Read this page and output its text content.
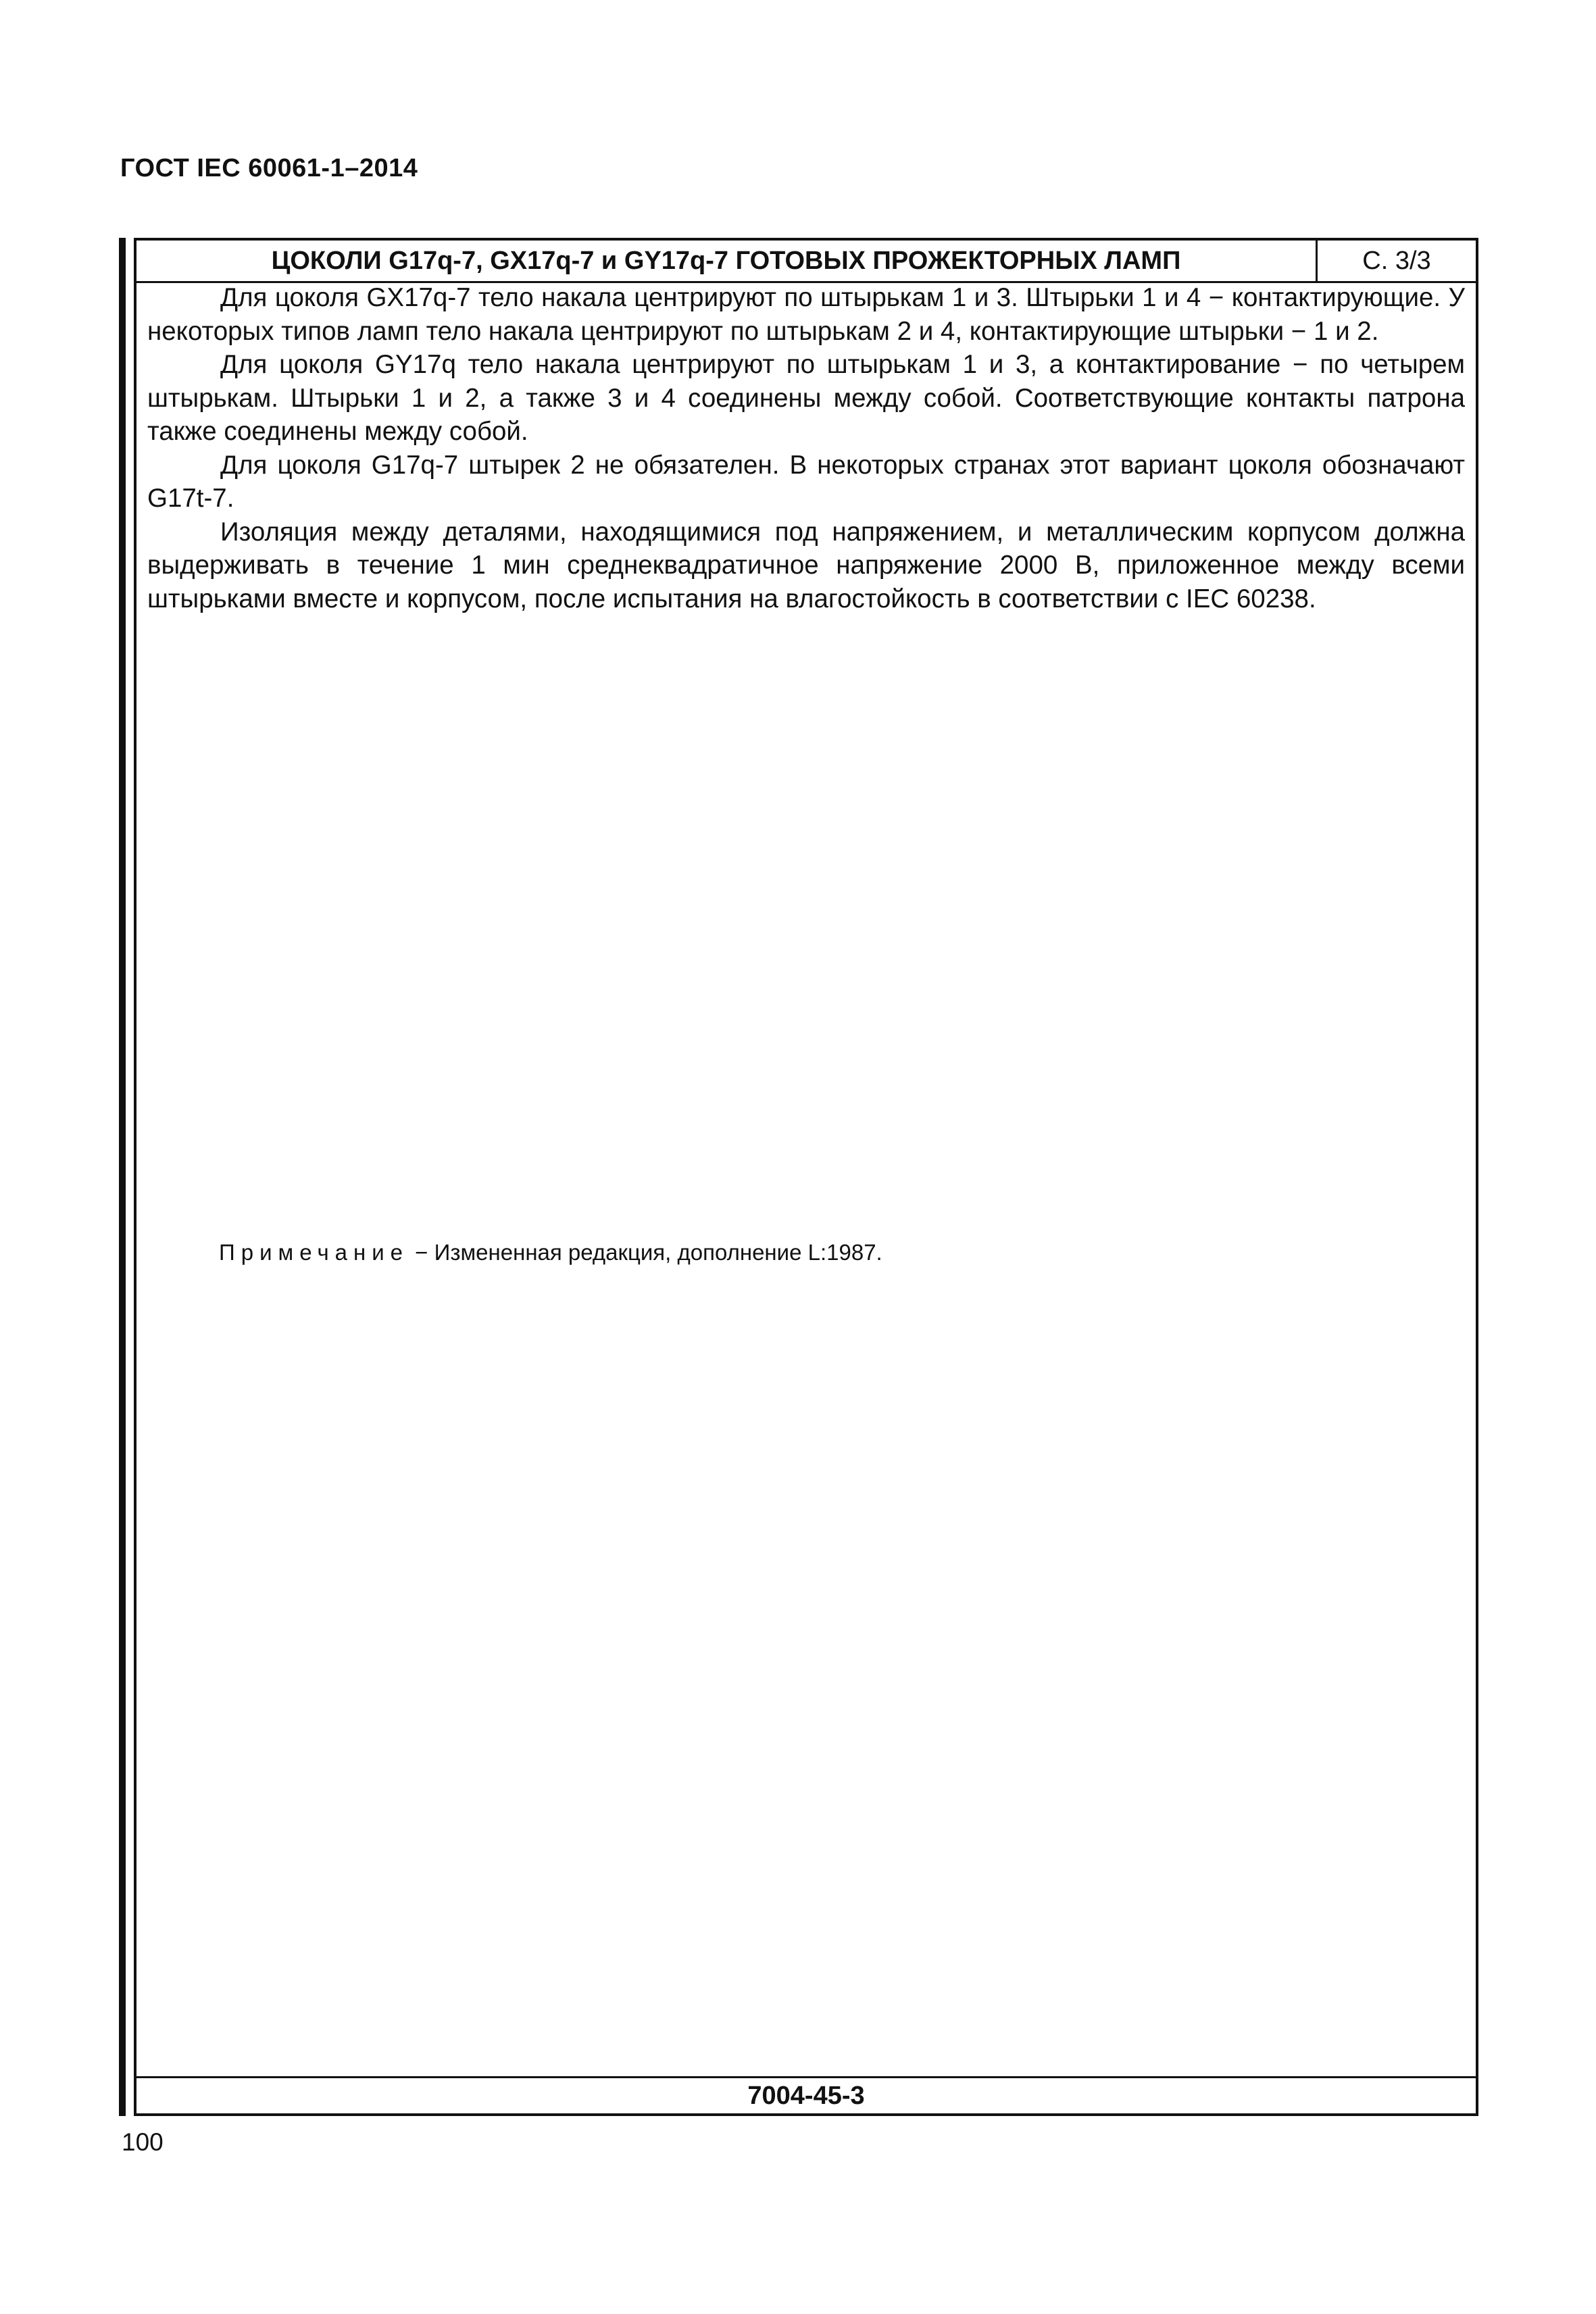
ГОСТ IEC 60061-1–2014
ЦОКОЛИ G17q-7, GX17q-7 и GY17q-7 ГОТОВЫХ ПРОЖЕКТОРНЫХ ЛАМП	С. 3/3

Для цоколя GX17q-7 тело накала центрируют по штырькам 1 и 3. Штырьки 1 и 4 − контактирующие. У некоторых типов ламп тело накала центрируют по штырькам 2 и 4, контактирующие штырьки − 1 и 2.

Для цоколя GY17q тело накала центрируют по штырькам 1 и 3, а контактирование − по четырем штырькам. Штырьки 1 и 2, а также 3 и 4 соединены между собой. Соответствующие контакты патрона также соединены между собой.

Для цоколя G17q-7 штырек 2 не обязателен. В некоторых странах этот вариант цоколя обозначают G17t-7.

Изоляция между деталями, находящимися под напряжением, и металлическим корпусом должна выдерживать в течение 1 мин среднеквадратичное напряжение 2000 В, приложенное между всеми штырьками вместе и корпусом, после испытания на влагостойкость в соответствии с IEC 60238.

Примечание − Измененная редакция, дополнение L:1987.
7004-45-3
100
